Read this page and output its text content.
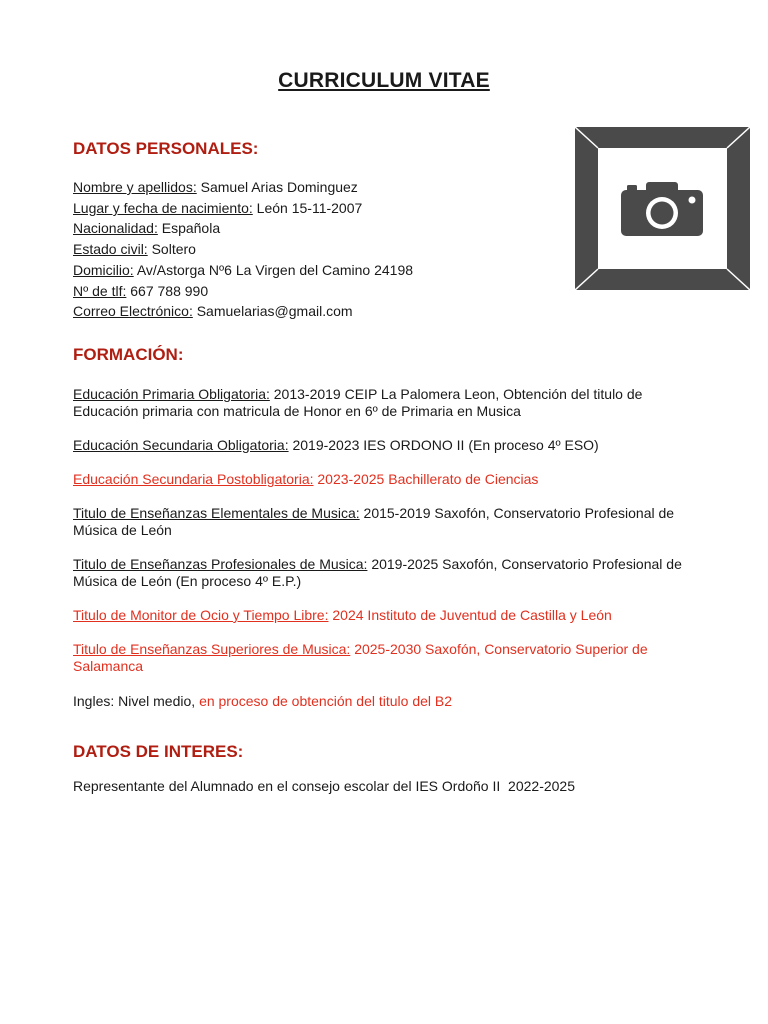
CURRICULUM VITAE
DATOS PERSONALES:
Nombre y apellidos: Samuel Arias Dominguez
Lugar y fecha de nacimiento: León 15-11-2007
Nacionalidad: Española
Estado civil: Soltero
Domicilio: Av/Astorga Nº6 La Virgen del Camino 24198
Nº de tlf: 667 788 990
Correo Electrónico: Samuelarias@gmail.com
FORMACIÓN:
Educación Primaria Obligatoria: 2013-2019 CEIP La Palomera Leon, Obtención del titulo de Educación primaria con matricula de Honor en 6º de Primaria en Musica
Educación Secundaria Obligatoria: 2019-2023 IES ORDONO II (En proceso 4º ESO)
Educación Secundaria Postobligatoria: 2023-2025 Bachillerato de Ciencias
Titulo de Enseñanzas Elementales de Musica: 2015-2019 Saxofón, Conservatorio Profesional de Música de León
Titulo de Enseñanzas Profesionales de Musica: 2019-2025 Saxofón, Conservatorio Profesional de Música de León (En proceso 4º E.P.)
Titulo de Monitor de Ocio y Tiempo Libre: 2024 Instituto de Juventud de Castilla y León
Titulo de Enseñanzas Superiores de Musica: 2025-2030 Saxofón, Conservatorio Superior de Salamanca
Ingles: Nivel medio, en proceso de obtención del titulo del B2
DATOS DE INTERES:
Representante del Alumnado en el consejo escolar del IES Ordoño II  2022-2025
